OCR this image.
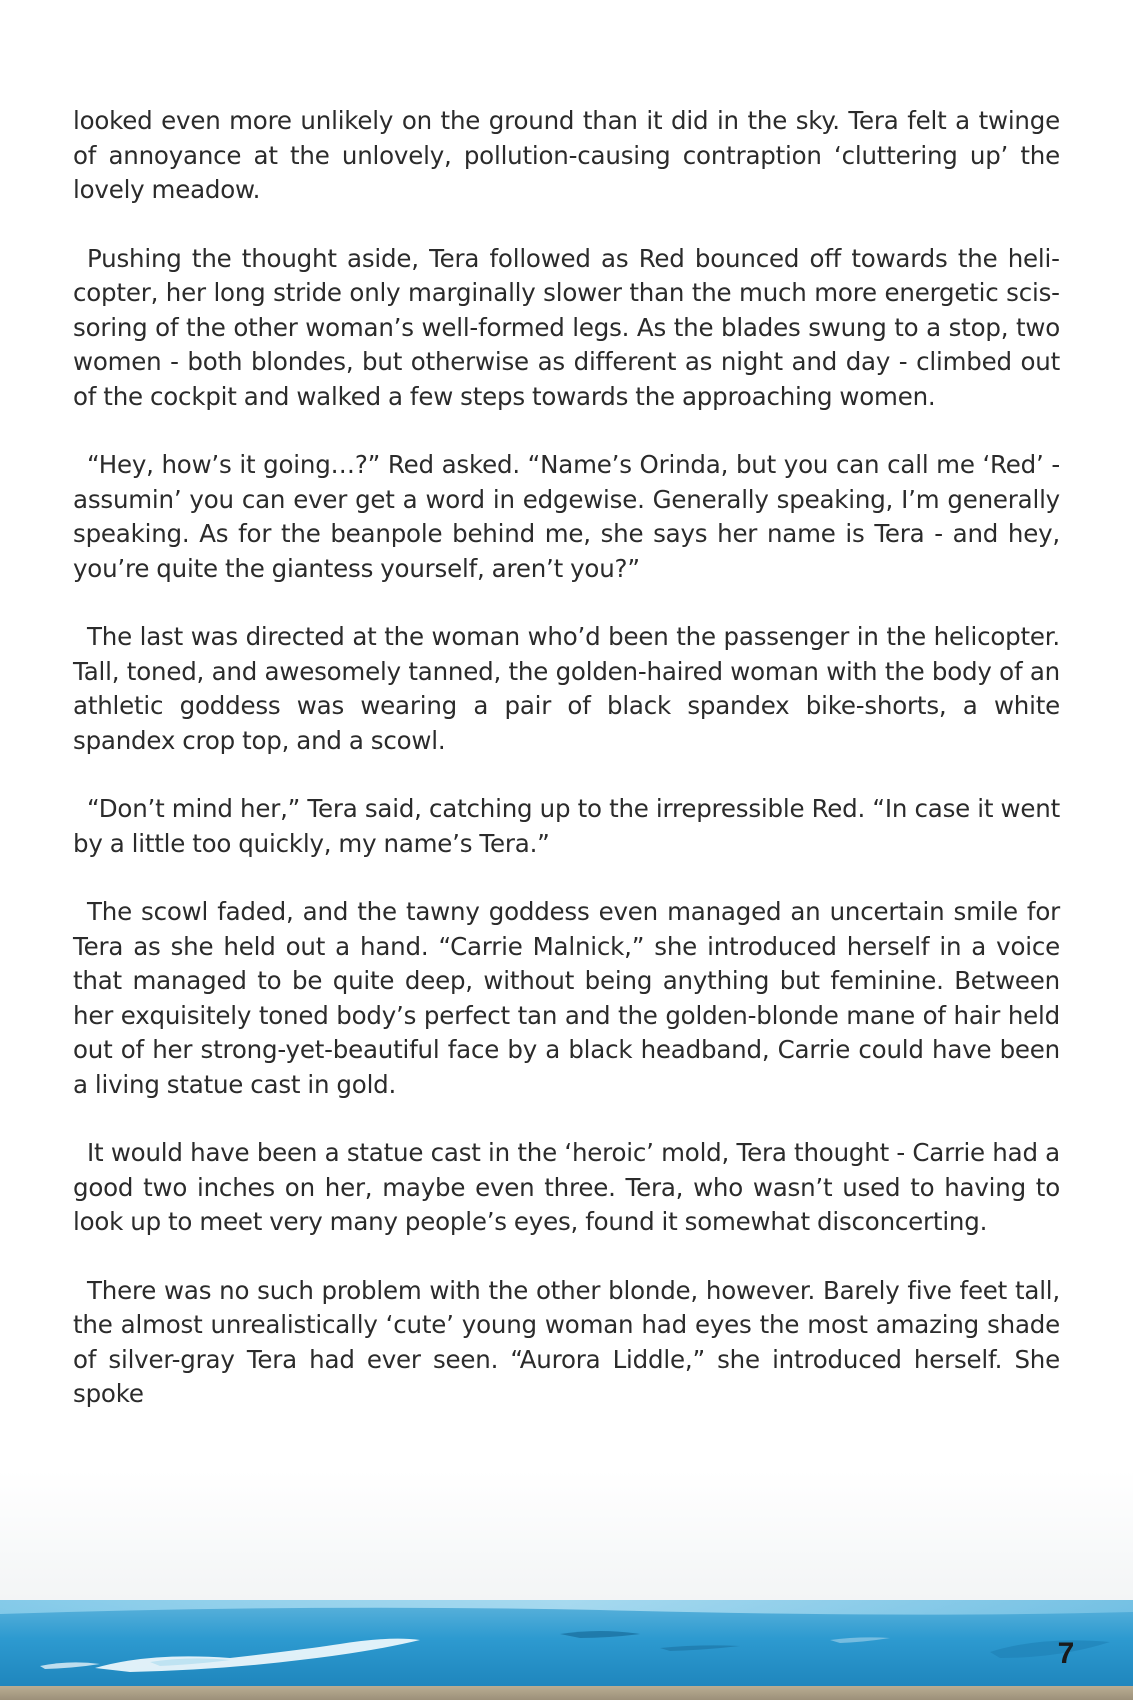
looked even more unlikely on the ground than it did in the sky. Tera felt a twinge of annoyance at the unlovely, pollution-causing contraption ‘cluttering up’ the lovely meadow.

Pushing the thought aside, Tera followed as Red bounced off towards the helicopter, her long stride only marginally slower than the much more energetic scissoring of the other woman’s well-formed legs. As the blades swung to a stop, two women - both blondes, but otherwise as different as night and day - climbed out of the cockpit and walked a few steps towards the approaching women.

“Hey, how’s it going…?” Red asked. “Name’s Orinda, but you can call me ‘Red’ - assumin’ you can ever get a word in edgewise. Generally speaking, I’m generally speaking. As for the beanpole behind me, she says her name is Tera - and hey, you’re quite the giantess yourself, aren’t you?”

The last was directed at the woman who’d been the passenger in the helicopter. Tall, toned, and awesomely tanned, the golden-haired woman with the body of an athletic goddess was wearing a pair of black spandex bike-shorts, a white spandex crop top, and a scowl.

“Don’t mind her,” Tera said, catching up to the irrepressible Red. “In case it went by a little too quickly, my name’s Tera.”

The scowl faded, and the tawny goddess even managed an uncertain smile for Tera as she held out a hand. “Carrie Malnick,” she introduced herself in a voice that managed to be quite deep, without being anything but feminine. Between her exquisitely toned body’s perfect tan and the golden-blonde mane of hair held out of her strong-yet-beautiful face by a black headband, Carrie could have been a living statue cast in gold.

It would have been a statue cast in the ‘heroic’ mold, Tera thought - Carrie had a good two inches on her, maybe even three. Tera, who wasn’t used to having to look up to meet very many people’s eyes, found it somewhat disconcerting.

There was no such problem with the other blonde, however. Barely five feet tall, the almost unrealistically ‘cute’ young woman had eyes the most amazing shade of silver-gray Tera had ever seen. “Aurora Liddle,” she introduced herself. She spoke

7
